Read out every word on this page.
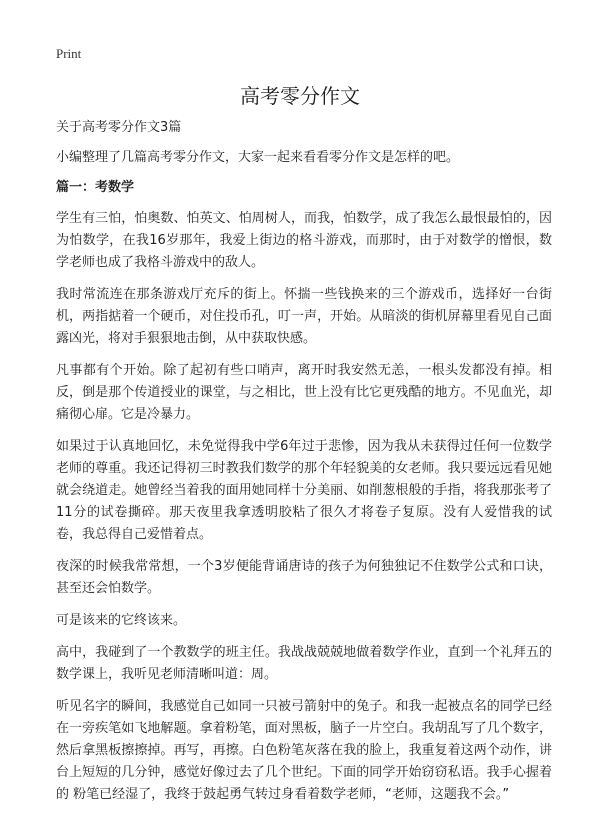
Print
高考零分作文

关于高考零分作文3篇

小编整理了几篇高考零分作文，大家一起来看看零分作文是怎样的吧。

篇一：考数学

学生有三怕，怕奥数、怕英文、怕周树人，而我，怕数学，成了我怎么最恨最怕的，因为怕数学，在我16岁那年，我爱上街边的格斗游戏，而那时，由于对数学的憎恨，数学老师也成了我格斗游戏中的敌人。

我时常流连在那条游戏厅充斥的街上。怀揣一些钱换来的三个游戏币，选择好一台街机，两指掂着一个硬币，对住投币孔，叮一声，开始。从暗淡的街机屏幕里看见自己面露凶光，将对手狠狠地击倒，从中获取快感。

凡事都有个开始。除了起初有些口哨声，离开时我安然无恙，一根头发都没有掉。相反，倒是那个传道授业的课堂，与之相比，世上没有比它更残酷的地方。不见血光，却痛彻心扉。它是冷暴力。

如果过于认真地回忆，未免觉得我中学6年过于悲惨，因为我从未获得过任何一位数学老师的尊重。我还记得初三时教我们数学的那个年轻貌美的女老师。我只要远远看见她就会绕道走。她曾经当着我的面用她同样十分美丽、如削葱根般的手指，将我那张考了11分的试卷撕碎。那天夜里我拿透明胶粘了很久才将卷子复原。没有人爱惜我的试卷，我总得自己爱惜着点。

夜深的时候我常常想，一个3岁便能背诵唐诗的孩子为何独独记不住数学公式和口诀，甚至还会怕数学。

可是该来的它终该来。

高中，我碰到了一个教数学的班主任。我战战兢兢地做着数学作业，直到一个礼拜五的数学课上，我听见老师清晰叫道：周。

听见名字的瞬间，我感觉自己如同一只被弓箭射中的兔子。和我一起被点名的同学已经在一旁疾笔如飞地解题。拿着粉笔，面对黑板，脑子一片空白。我胡乱写了几个数字，然后拿黑板擦擦掉。再写，再擦。白色粉笔灰落在我的脸上，我重复着这两个动作，讲台上短短的几分钟，感觉好像过去了几个世纪。下面的同学开始窃窃私语。我手心握着的 粉笔已经湿了，我终于鼓起勇气转过身看着数学老师，“老师，这题我不会。”
